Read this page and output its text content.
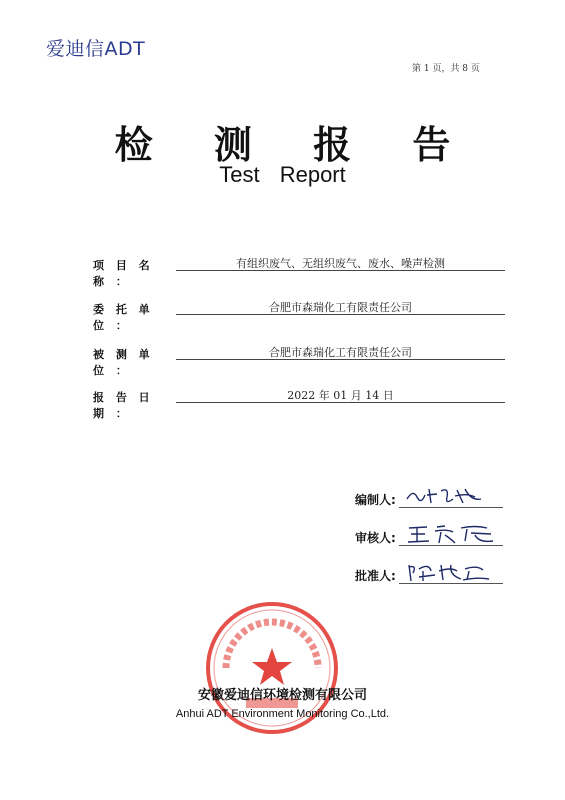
爱迪信ADT
第 1 页，共 8 页
检 测 报 告
Test Report
项 目 名 称 ：
有组织废气、无组织废气、废水、噪声检测
委 托 单 位 ：
合肥市森瑞化工有限责任公司
被 测 单 位 ：
合肥市森瑞化工有限责任公司
报 告 日 期 ：
2022 年 01 月 14 日
编制人:
审核人:
批准人:
安徽爱迪信环境检测有限公司
Anhui ADT Environment Monitoring Co.,Ltd.
